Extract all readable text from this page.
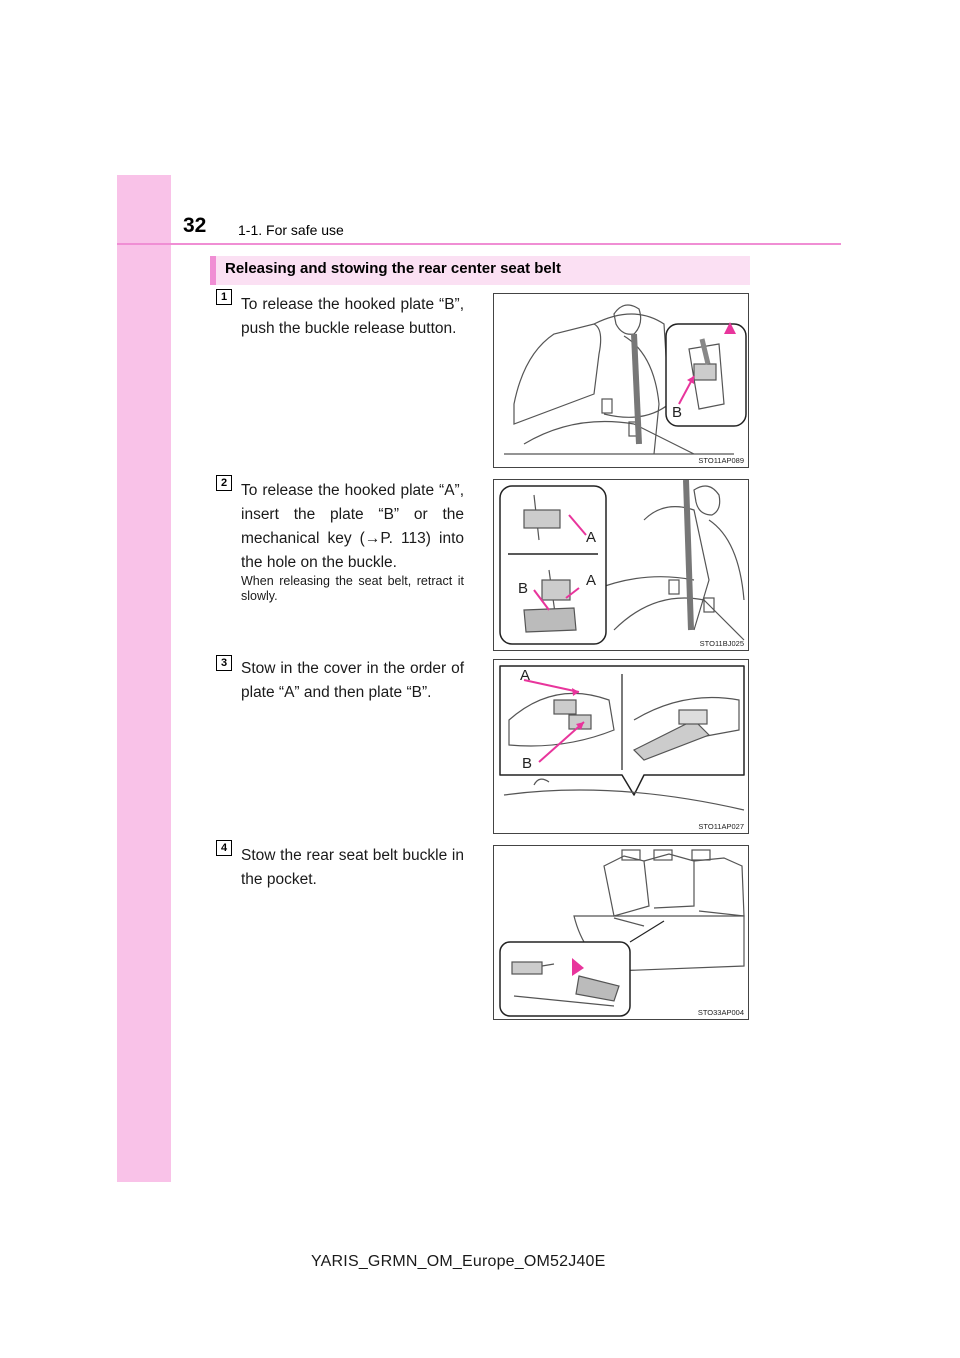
32 1-1. For safe use
Releasing and stowing the rear center seat belt
1 To release the hooked plate “B”, push the buckle release button.
B
STO11AP089
2 To release the hooked plate “A”, insert the plate “B” or the mechanical key (→P. 113) into the hole on the buckle.
When releasing the seat belt, retract it slowly.
A
B	A
STO11BJ025
3 Stow in the cover in the order of plate “A” and then plate “B”.
A
B
STO11AP027
4 Stow the rear seat belt buckle in the pocket.
STO33AP004
YARIS_GRMN_OM_Europe_OM52J40E
